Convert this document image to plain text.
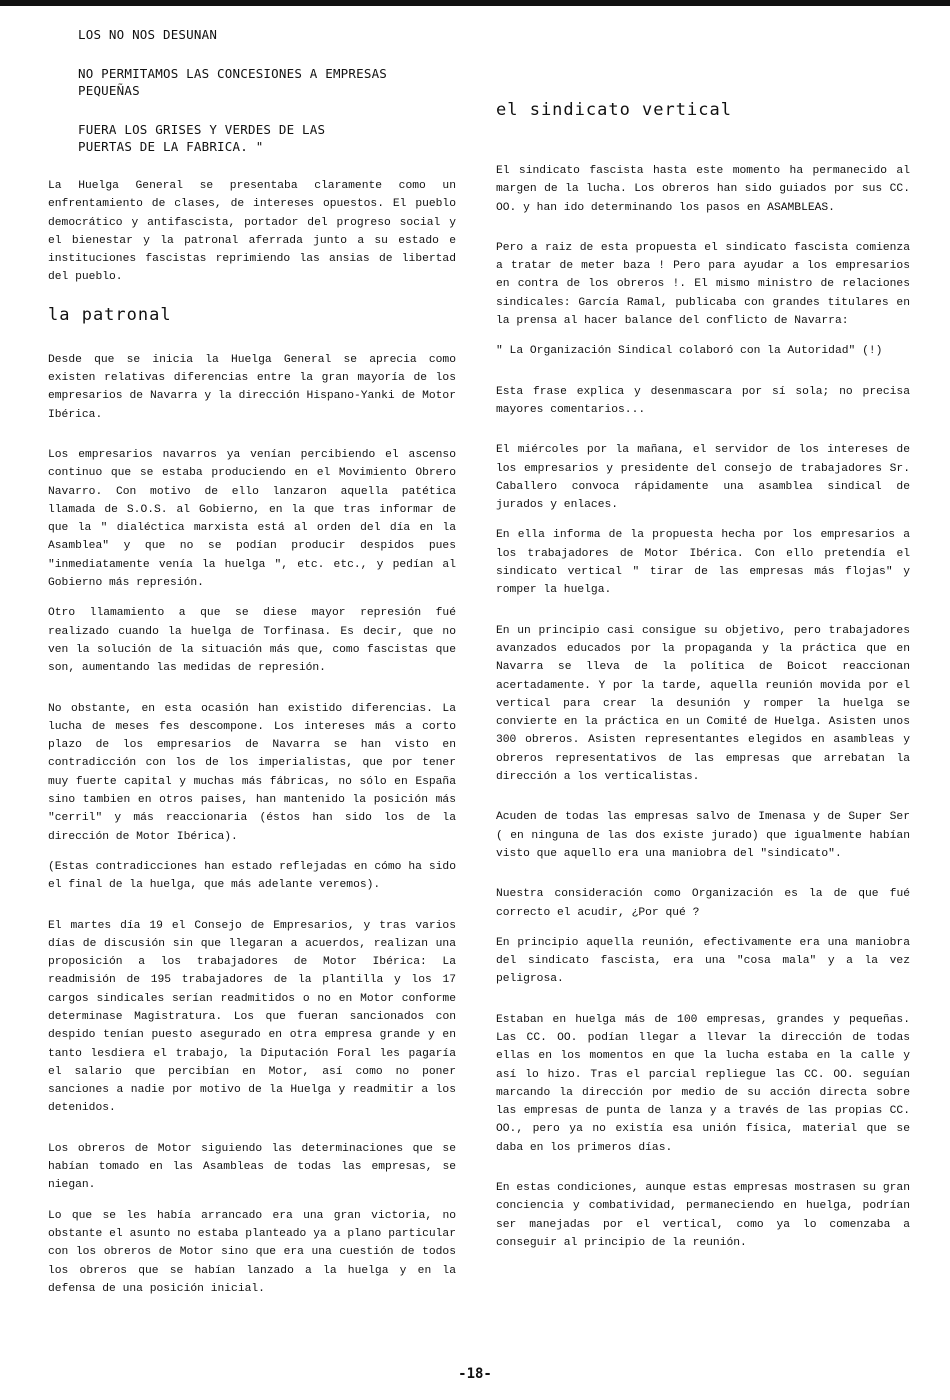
LOS NO NOS DESUNAN
NO PERMITAMOS LAS CONCESIONES A EMPRESAS PEQUEÑAS
FUERA LOS GRISES Y VERDES DE LAS PUERTAS DE LA FABRICA. "

La Huelga General se presentaba claramente como un enfrentamiento de clases, de intereses opuestos. El pueblo democrático y antifascista, portador del progreso social y el bienestar y la patronal aferrada junto a su estado e instituciones fascistas reprimiendo las ansias de libertad del pueblo.

la patronal

Desde que se inicia la Huelga General se aprecia como existen relativas diferencias entre la gran mayoría de los empresarios de Navarra y la dirección Hispano-Yanki de Motor Ibérica.

Los empresarios navarros ya venían percibiendo el ascenso continuo que se estaba produciendo en el Movimiento Obrero Navarro. Con motivo de ello lanzaron aquella patética llamada de S.O.S. al Gobierno, en la que tras informar de que la " dialéctica marxista está al orden del día en la Asamblea" y que no se podían producir despidos pues "inmediatamente venía la huelga ", etc. etc., y pedían al Gobierno más represión.

Otro llamamiento a que se diese mayor represión fué realizado cuando la huelga de Torfinasa. Es decir, que no ven la solución de la situación más que, como fascistas que son, aumentando las medidas de represión.

No obstante, en esta ocasión han existido diferencias. La lucha de meses fes descompone. Los intereses más a corto plazo de los empresarios de Navarra se han visto en contradicción con los de los imperialistas, que por tener muy fuerte capital y muchas más fábricas, no sólo en España sino tambien en otros paises, han mantenido la posición más "cerril" y más reaccionaria (éstos han sido los de la dirección de Motor Ibérica).

(Estas contradicciones han estado reflejadas en cómo ha sido el final de la huelga, que más adelante veremos).

El martes día 19 el Consejo de Empresarios, y tras varios días de discusión sin que llegaran a acuerdos, realizan una proposición a los trabajadores de Motor Ibérica: La readmisión de 195 trabajadores de la plantilla y los 17 cargos sindicales serían readmitidos o no en Motor conforme determinase Magistratura. Los que fueran sancionados con despido tenían puesto asegurado en otra empresa grande y en tanto lesdiera el trabajo, la Diputación Foral les pagaría el salario que percibían en Motor, así como no poner sanciones a nadie por motivo de la Huelga y readmitir a los detenidos.

Los obreros de Motor siguiendo las determinaciones que se habían tomado en las Asambleas de todas las empresas, se niegan.

Lo que se les había arrancado era una gran victoria, no obstante el asunto no estaba planteado ya a plano particular con los obreros de Motor sino que era una cuestión de todos los obreros que se habían lanzado a la huelga y en la defensa de una posición inicial.

el sindicato vertical

El sindicato fascista hasta este momento ha permanecido al margen de la lucha. Los obreros han sido guiados por sus CC. OO. y han ido determinando los pasos en ASAMBLEAS.

Pero a raiz de esta propuesta el sindicato fascista comienza a tratar de meter baza ! Pero para ayudar a los empresarios en contra de los obreros !. El mismo ministro de relaciones sindicales: García Ramal, publicaba con grandes titulares en la prensa al hacer balance del conflicto de Navarra:

" La Organización Sindical colaboró con la Autoridad" (!)

Esta frase explica y desenmascara por sí sola; no precisa mayores comentarios...

El miércoles por la mañana, el servidor de los intereses de los empresarios y presidente del consejo de trabajadores Sr. Caballero convoca rápidamente una asamblea sindical de jurados y enlaces.

En ella informa de la propuesta hecha por los empresarios a los trabajadores de Motor Ibérica. Con ello pretendía el sindicato vertical " tirar de las empresas más flojas" y romper la huelga.

En un principio casi consigue su objetivo, pero trabajadores avanzados educados por la propaganda y la práctica que en Navarra se lleva de la política de Boicot reaccionan acertadamente. Y por la tarde, aquella reunión movida por el vertical para crear la desunión y romper la huelga se convierte en la práctica en un Comité de Huelga. Asisten unos 300 obreros. Asisten representantes elegidos en asambleas y obreros representativos de las empresas que arrebatan la dirección a los verticalistas.

Acuden de todas las empresas salvo de Imenasa y de Super Ser ( en ninguna de las dos existe jurado) que igualmente habían visto que aquello era una maniobra del "sindicato".

Nuestra consideración como Organización es la de que fué correcto el acudir, ¿Por qué ?

En principio aquella reunión, efectivamente era una maniobra del sindicato fascista, era una "cosa mala" y a la vez peligrosa.

Estaban en huelga más de 100 empresas, grandes y pequeñas. Las CC. OO. podían llegar a llevar la dirección de todas ellas en los momentos en que la lucha estaba en la calle y así lo hizo. Tras el parcial repliegue las CC. OO. seguían marcando la dirección por medio de su acción directa sobre las empresas de punta de lanza y a través de las propias CC. OO., pero ya no existía esa unión física, material que se daba en los primeros días.

En estas condiciones, aunque estas empresas mostrasen su gran conciencia y combatividad, permaneciendo en huelga, podrían ser manejadas por el vertical, como ya lo comenzaba a conseguir al principio de la reunión.

-18-
